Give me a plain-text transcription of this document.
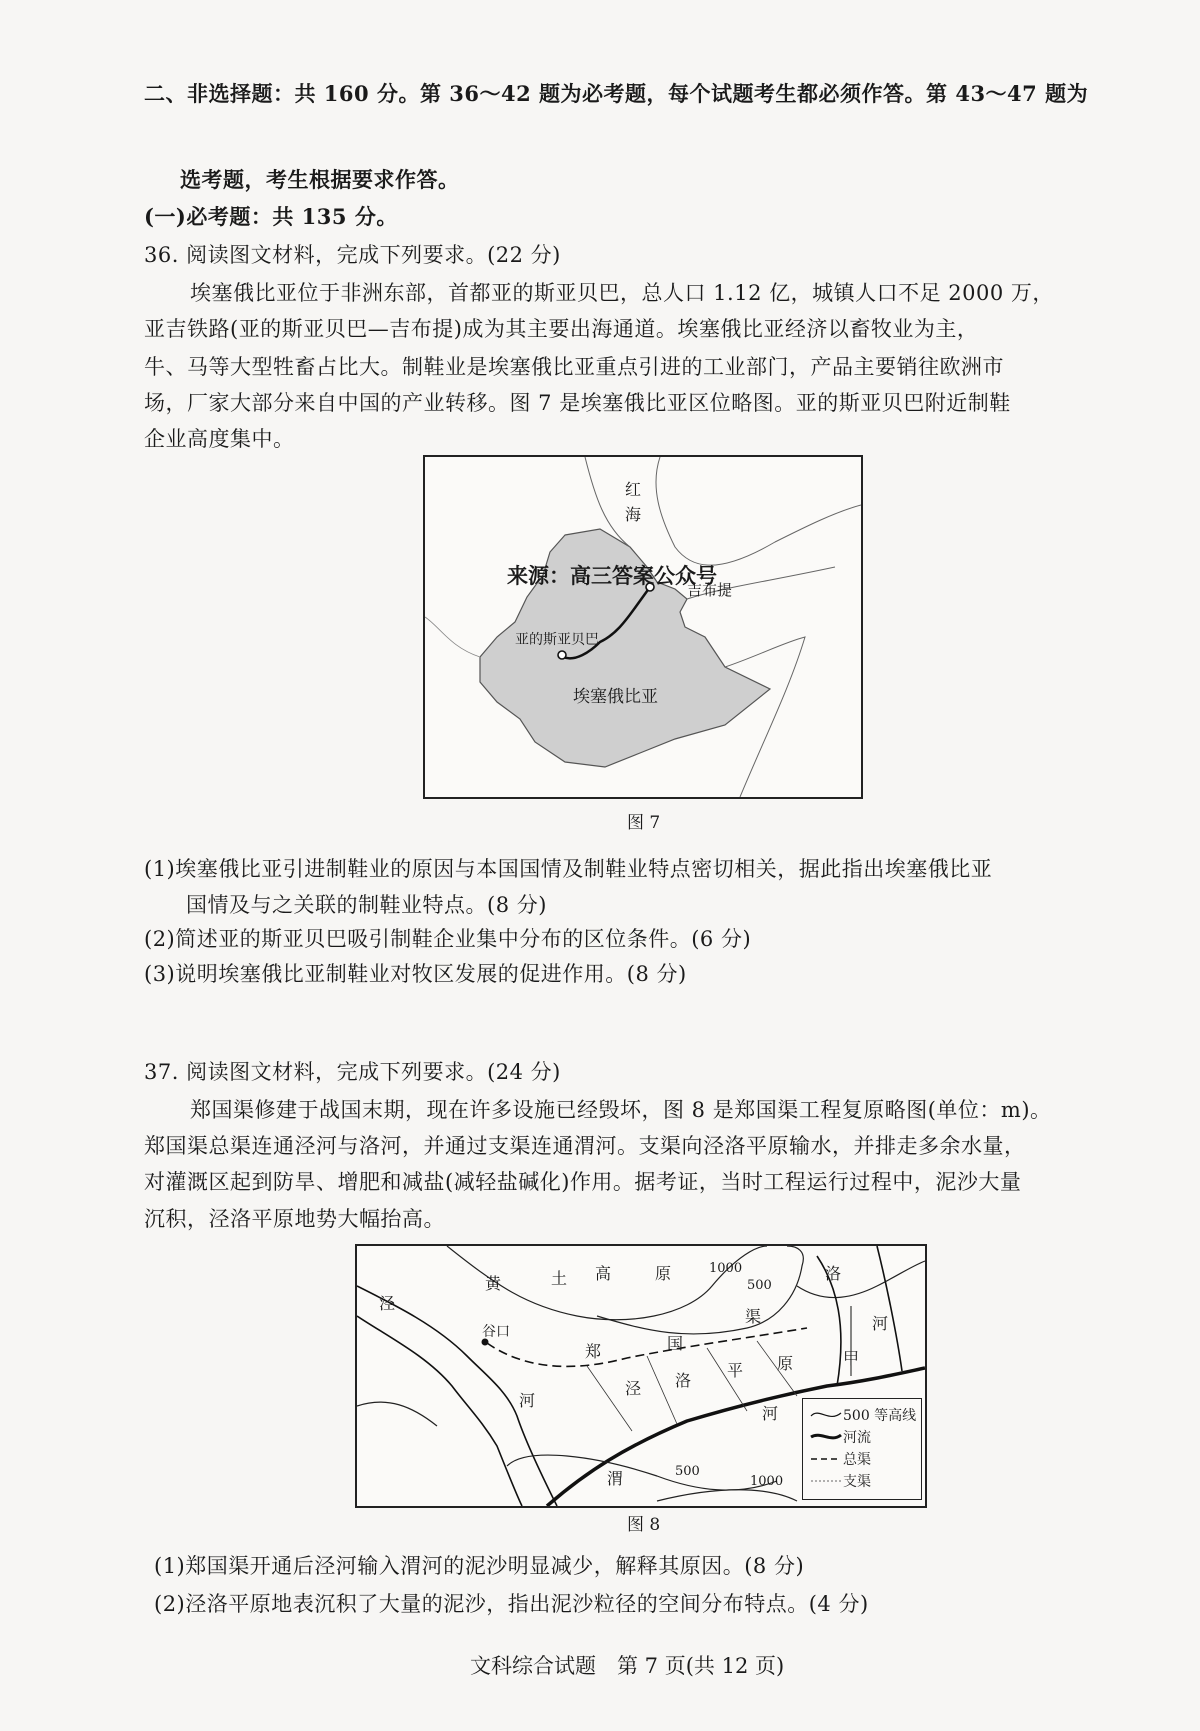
二、非选择题：共 160 分。第 36～42 题为必考题，每个试题考生都必须作答。第 43～47 题为
选考题，考生根据要求作答。
(一)必考题：共 135 分。
36. 阅读图文材料，完成下列要求。(22 分)
埃塞俄比亚位于非洲东部，首都亚的斯亚贝巴，总人口 1.12 亿，城镇人口不足 2000 万，
亚吉铁路(亚的斯亚贝巴—吉布提)成为其主要出海通道。埃塞俄比亚经济以畜牧业为主，
牛、马等大型牲畜占比大。制鞋业是埃塞俄比亚重点引进的工业部门，产品主要销往欧洲市
场，厂家大部分来自中国的产业转移。图 7 是埃塞俄比亚区位略图。亚的斯亚贝巴附近制鞋
企业高度集中。
红
海
吉布提
亚的斯亚贝巴
埃塞俄比亚
来源：高三答案公众号
图 7
(1)埃塞俄比亚引进制鞋业的原因与本国国情及制鞋业特点密切相关，据此指出埃塞俄比亚
国情及与之关联的制鞋业特点。(8 分)
(2)简述亚的斯亚贝巴吸引制鞋企业集中分布的区位条件。(6 分)
(3)说明埃塞俄比亚制鞋业对牧区发展的促进作用。(8 分)
37. 阅读图文材料，完成下列要求。(24 分)
郑国渠修建于战国末期，现在许多设施已经毁坏，图 8 是郑国渠工程复原略图(单位：m)。
郑国渠总渠连通泾河与洛河，并通过支渠连通渭河。支渠向泾洛平原输水，并排走多余水量，
对灌溉区起到防旱、增肥和减盐(减轻盐碱化)作用。据考证，当时工程运行过程中，泥沙大量
沉积，泾洛平原地势大幅抬高。
泾
黄	土 高	原	1000
500
洛
谷口
渠	河
郑	国
甲
河
泾 洛
平 原
河
渭	500
1000
500 等高线
河流
总渠
支渠
图 8
(1)郑国渠开通后泾河输入渭河的泥沙明显减少，解释其原因。(8 分)
(2)泾洛平原地表沉积了大量的泥沙，指出泥沙粒径的空间分布特点。(4 分)
文科综合试题　第 7 页(共 12 页)
